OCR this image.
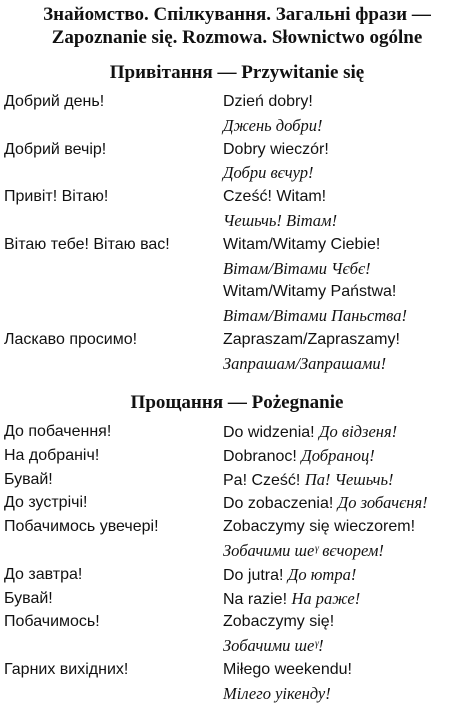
Знайомство. Спілкування. Загальні фрази —
Zapoznanie się. Rozmowa. Słownictwo ogólne
Привітання — Przywitanie się
Добрий день!	Dzień dobry!
Джень добри!
Добрий вечір!	Dobry wieczór!
Добри вєчур!
Привіт! Вітаю!	Cześć! Witam!
Чешьчь! Вітам!
Вітаю тебе! Вітаю вас!	Witam/Witamy Ciebie!
Вітам/Вітами Чєбє!
Witam/Witamy Państwa!
Вітам/Вітами Паньства!
Ласкаво просимо!	Zapraszam/Zapraszamy!
Запрашам/Запрашами!
Прощання — Pożegnanie
До побачення!	Do widzenia! До відзеня!
На добраніч!	Dobranoc! Добраноц!
Бувай!	Pa! Cześć! Па! Чешьчь!
До зустрічі!	Do zobaczenia! До зобачєня!
Побачимось увечері!	Zobaczymy się wieczorem!
Зобачими шеᵞ вєчорем!
До завтра!	Do jutra! До ютра!
Бувай!	Na razie! На раже!
Побачимось!	Zobaczymy się!
Зобачими шеᵞ!
Гарних вихідних!	Miłego weekendu!
Мілего уікенду!
